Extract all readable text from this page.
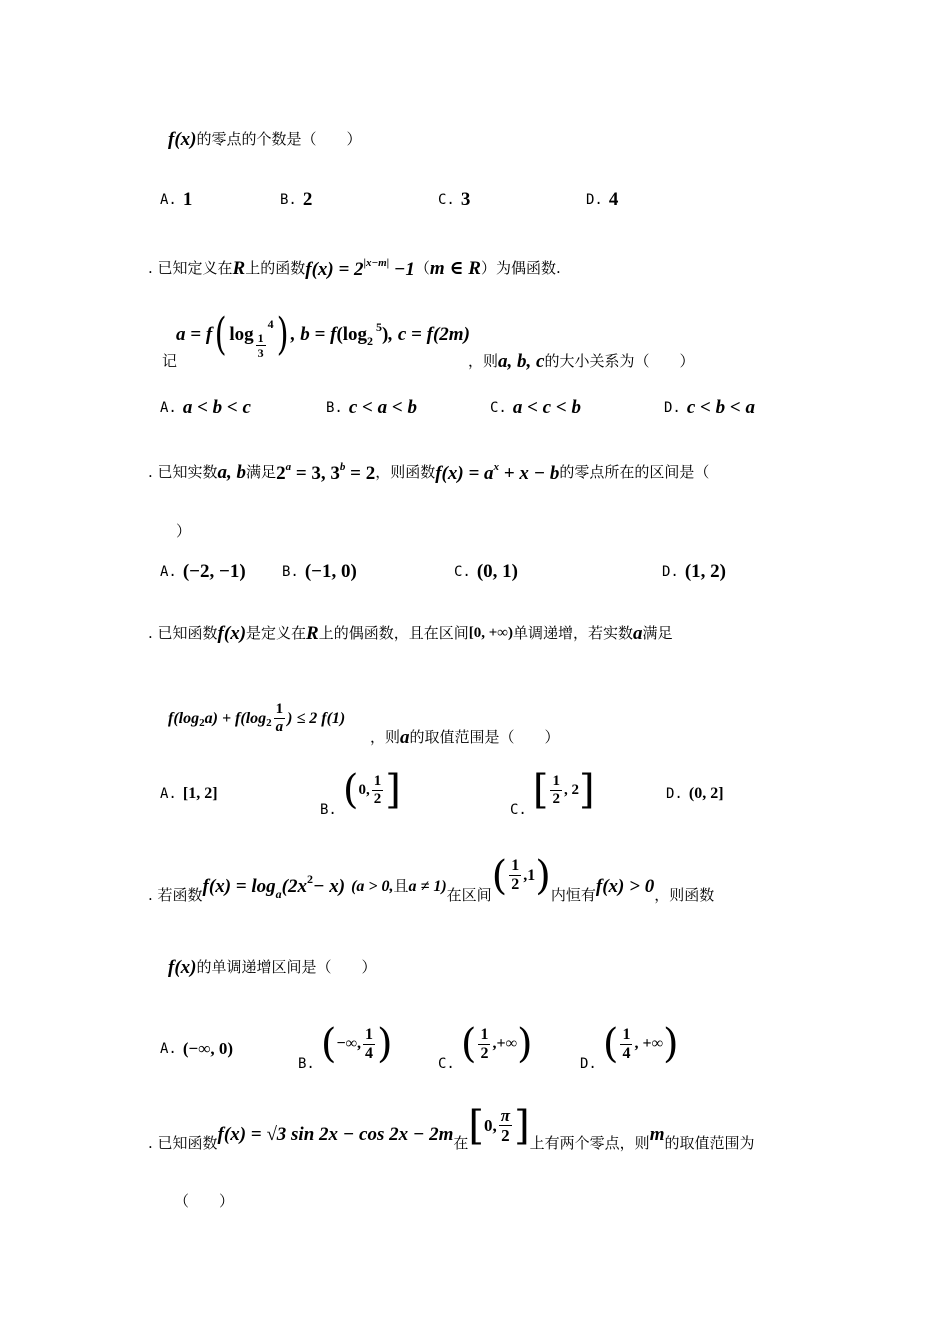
f(x) 的零点的个数是（　　）
A. 1	B. 2	C. 3	D. 4
. 已知定义在 R 上的函数 $f(x) = 2^{|x-m|} -1$ （ m ∈ R ）为偶函数.
记
a = f ( $\log \frac{1}{3}$
4 ) , b = f ( log 2
5 ) , c = f(2m)
，则 a, b, c 的大小关系为（　　）
A. a < b < c	B. c < a < b	C. a < c < b	D. c < b < a
. 已知实数 a, b 满足 $2^a = 3$, $3^b = 2$ ，则函数 $f(x) = a^x + x - b$ 的零点所在的区间是（
）
A. (−2, −1)	B. (−1, 0)	C. (0, 1)	D. (1, 2)
. 已知函数 f(x) 是定义在 R 上的偶函数，且在区间 [0, +∞) 单调递增，若实数 a 满足
f(log 2 a) + f(log $2 \frac{1}{a}$ ) ≤ 2 f(1)
，则 a 的取值范围是（　　）
A. [1, 2]
B. ( 0, $\frac{1}{2}$ ]	C. [ $\frac{1}{2}$ , 2 ]	D. (0, 2]
. 若函数 f(x) = log a (2x 2 − x) (a > 0, 且 a ≠ 1) 在区间 ( $\frac{1}{2} ,1$ ) 内恒有 f(x) > 0 ，则函数
f(x) 的单调递增区间是（　　）
A. (−∞, 0)
B. ( −∞, $\frac{1}{4}$ )	C. ( $\frac{1}{2}$ ,+∞ )	D. ( $\frac{1}{4}$ , +∞ )
. 已知函数 f(x) = √3 sin 2x − cos 2x − 2m 在 [ 0, $\frac{\pi}{2}$ ] 上有两个零点，则 m 的取值范围为
（　　）
